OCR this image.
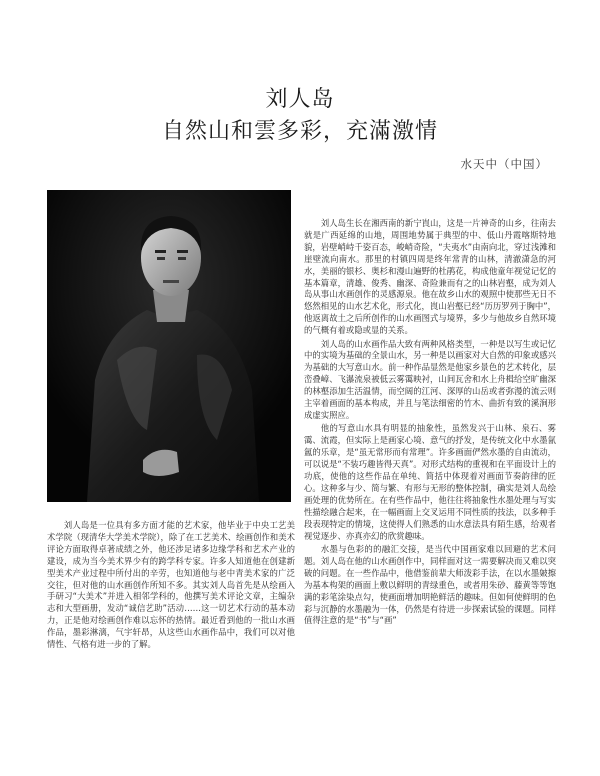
刘人岛
自然山和雲多彩，充滿激情
水天中（中国）

刘人岛是一位具有多方面才能的艺术家，他毕业于中央工艺美术学院（现清华大学美术学院），除了在工艺美术、绘画创作和美术评论方面取得卓著成绩之外，他还涉足诸多边缘学科和艺术产业的建设，成为当今美术界少有的跨学科专家。许多人知道他在创建新型美术产业过程中所付出的辛劳，也知道他与老中青美术家的广泛交往，但对他的山水画创作所知不多。其实刘人岛首先是从绘画入手研习“大美术”并进入相邻学科的，他撰写美术评论文章，主编杂志和大型画册，发动“诚信艺助”活动……这一切艺术行动的基本动力，正是他对绘画创作难以忘怀的热情。最近看到他的一批山水画作品，墨彩淋漓，气宇轩昂，从这些山水画作品中，我们可以对他情性、气格有进一步的了解。

刘人岛生长在湘西南的新宁崀山，这是一片神奇的山乡，往南去就是广西延绵的山地，周围地势属于典型的中、低山丹霞喀斯特地貌，岩壁峭峙千姿百态，峻峭奇险，“夫夷水”由南向北，穿过浅滩和崖壁流向南水。那里的村镇四周是终年常青的山林，清澈潇急的河水，美丽的银杉、奥杉和漫山遍野的杜鹃花，构成他童年视觉记忆的基本篇章，清雄、俊秀、幽深、奇险兼而有之的山林岩壑，成为刘人岛从事山水画创作的灵感源泉。他在故乡山水的观照中使那些无日不悠然相见的山水艺术化，形式化，崀山岩壑已经“历历罗列于胸中”，他返离故土之后所创作的山水画图式与境界，多少与他故乡自然环境的气概有着或隐或显的关系。

刘人岛的山水画作品大致有两种风格类型，一种是以写生或记忆中的实境为基础的全景山水，另一种是以画家对大自然的印象或感兴为基础的大写意山水。前一种作品显然是他家乡景色的艺术转化，层峦叠嶂、飞瀑流泉被低云雾霭映衬，山间瓦舍和水上舟楫给空旷幽深的林壑添加生活温情，而空阔的江河、深厚的山岳或者弥漫的流云则主宰着画面的基本构成，并且与笔法细密的竹木、曲折有致的溪涧形成虚实照应。

他的写意山水具有明显的抽象性，虽然发兴于山林、泉石、雾霭、流霞，但实际上是画家心境、意气的抒发，是传统文化中水墨氤氲的乐章，是“虽无常形而有常理”。许多画面俨然水墨的自由流动，可以说是“不装巧趣皆得天真”。对形式结构的重视和在平面设计上的功底，使他的这些作品在单纯、简括中体现着对画面节奏韵律的匠心。这种多与少、简与繁、有形与无形的整体控制，确实是刘人岛绘画处理的优势所在。在有些作品中，他往往将抽象性水墨处理与写实性描绘融合起来，在一幅画面上交叉运用不同性质的技法，以多种手段表现特定的情境，这使得人们熟悉的山水意法具有陌生感，给观者视觉逐步、亦真亦幻的欣赏趣味。

水墨与色彩的的融汇交接，是当代中国画家难以回避的艺术问题。刘人岛在他的山水画创作中，同样面对这一需要解决而又难以突破的问题。在一些作品中，他借鉴前辈大师泼彩手法，在以水墨皴擦为基本构架的画面上敷以鲜明的青绿重色，或者用朱砂、藤黄等等饱满的彩笔涂染点勾，使画面增加明艳鲜活的趣味。但如何使鲜明的色彩与沉静的水墨融为一体，仍然是有待进一步探索试验的课题。同样值得注意的是“书”与“画”
